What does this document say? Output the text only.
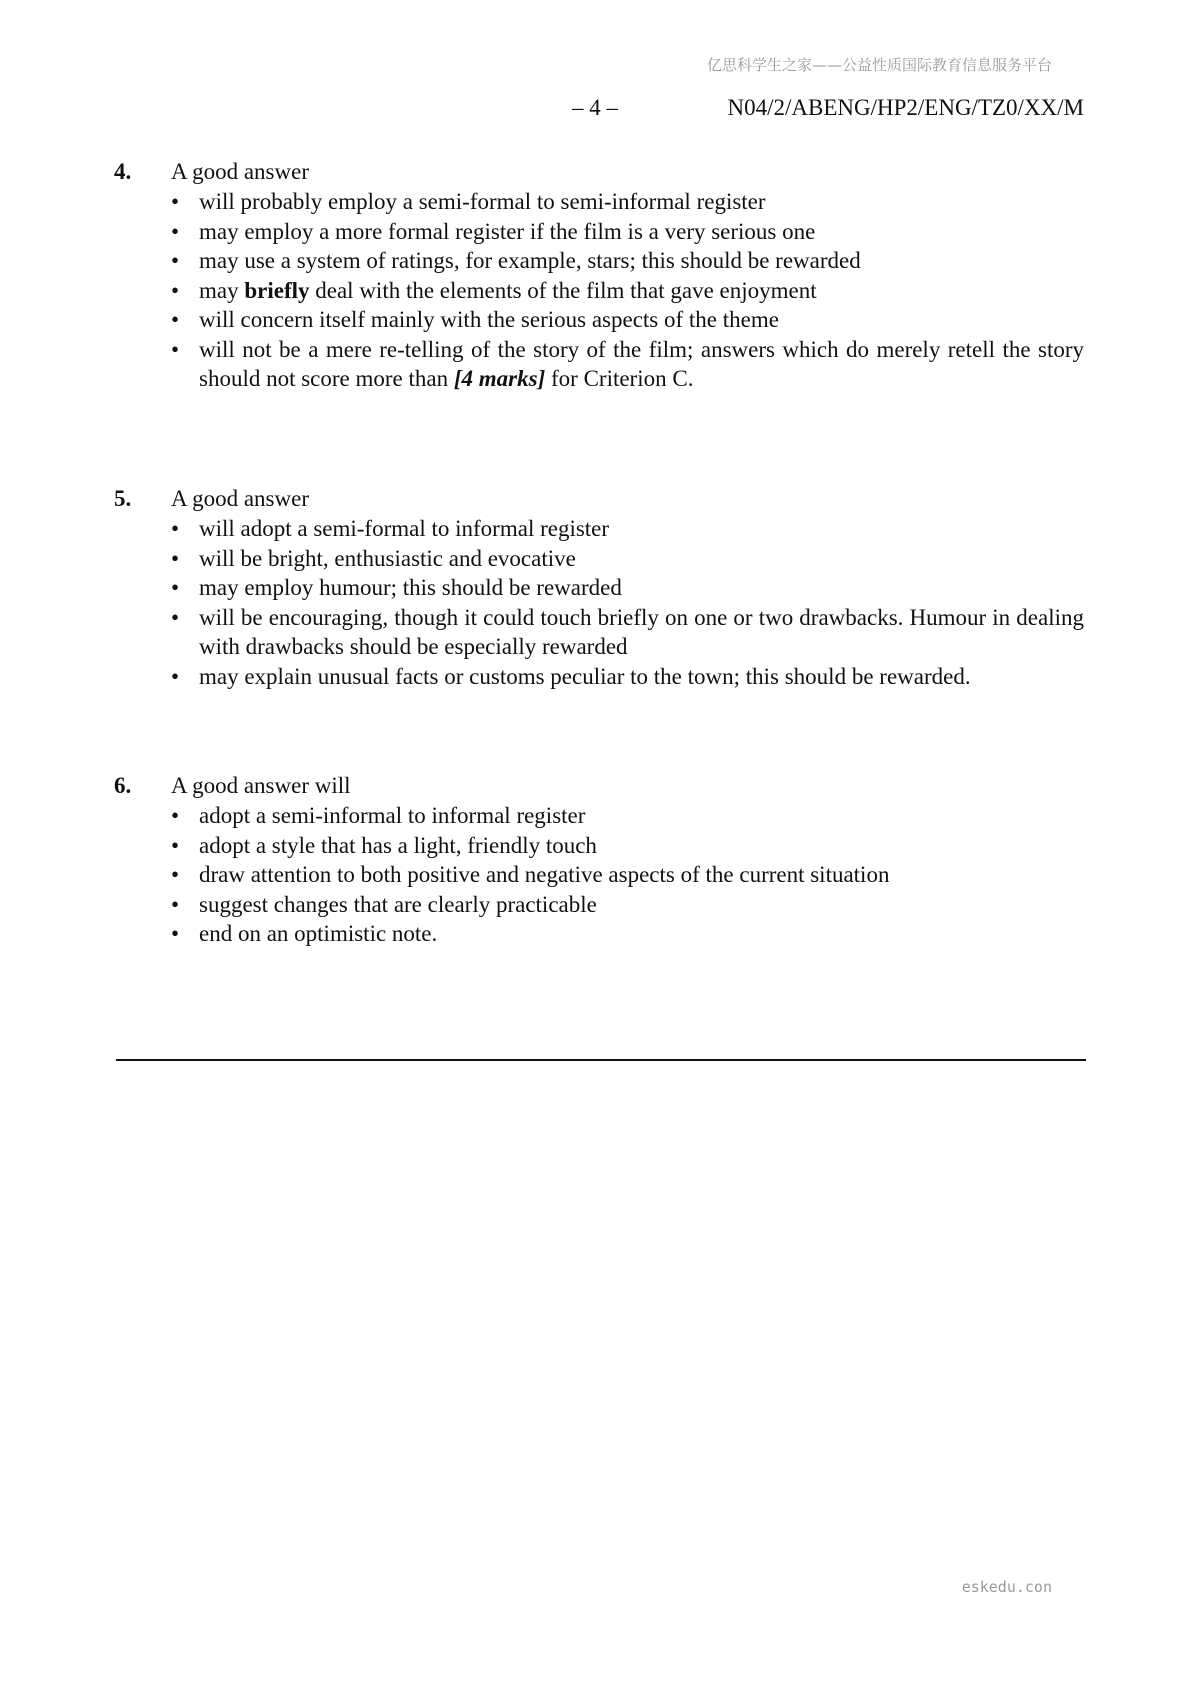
亿思科学生之家——公益性质国际教育信息服务平台
– 4 –	N04/2/ABENG/HP2/ENG/TZ0/XX/M
4.	A good answer
• will probably employ a semi-formal to semi-informal register
• may employ a more formal register if the film is a very serious one
• may use a system of ratings, for example, stars; this should be rewarded
• may briefly deal with the elements of the film that gave enjoyment
• will concern itself mainly with the serious aspects of the theme
• will not be a mere re-telling of the story of the film; answers which do merely retell the story should not score more than [4 marks] for Criterion C.
5.	A good answer
• will adopt a semi-formal to informal register
• will be bright, enthusiastic and evocative
• may employ humour; this should be rewarded
• will be encouraging, though it could touch briefly on one or two drawbacks. Humour in dealing with drawbacks should be especially rewarded
• may explain unusual facts or customs peculiar to the town; this should be rewarded.
6.	A good answer will
• adopt a semi-informal to informal register
• adopt a style that has a light, friendly touch
• draw attention to both positive and negative aspects of the current situation
• suggest changes that are clearly practicable
• end on an optimistic note.
eskedu.con
